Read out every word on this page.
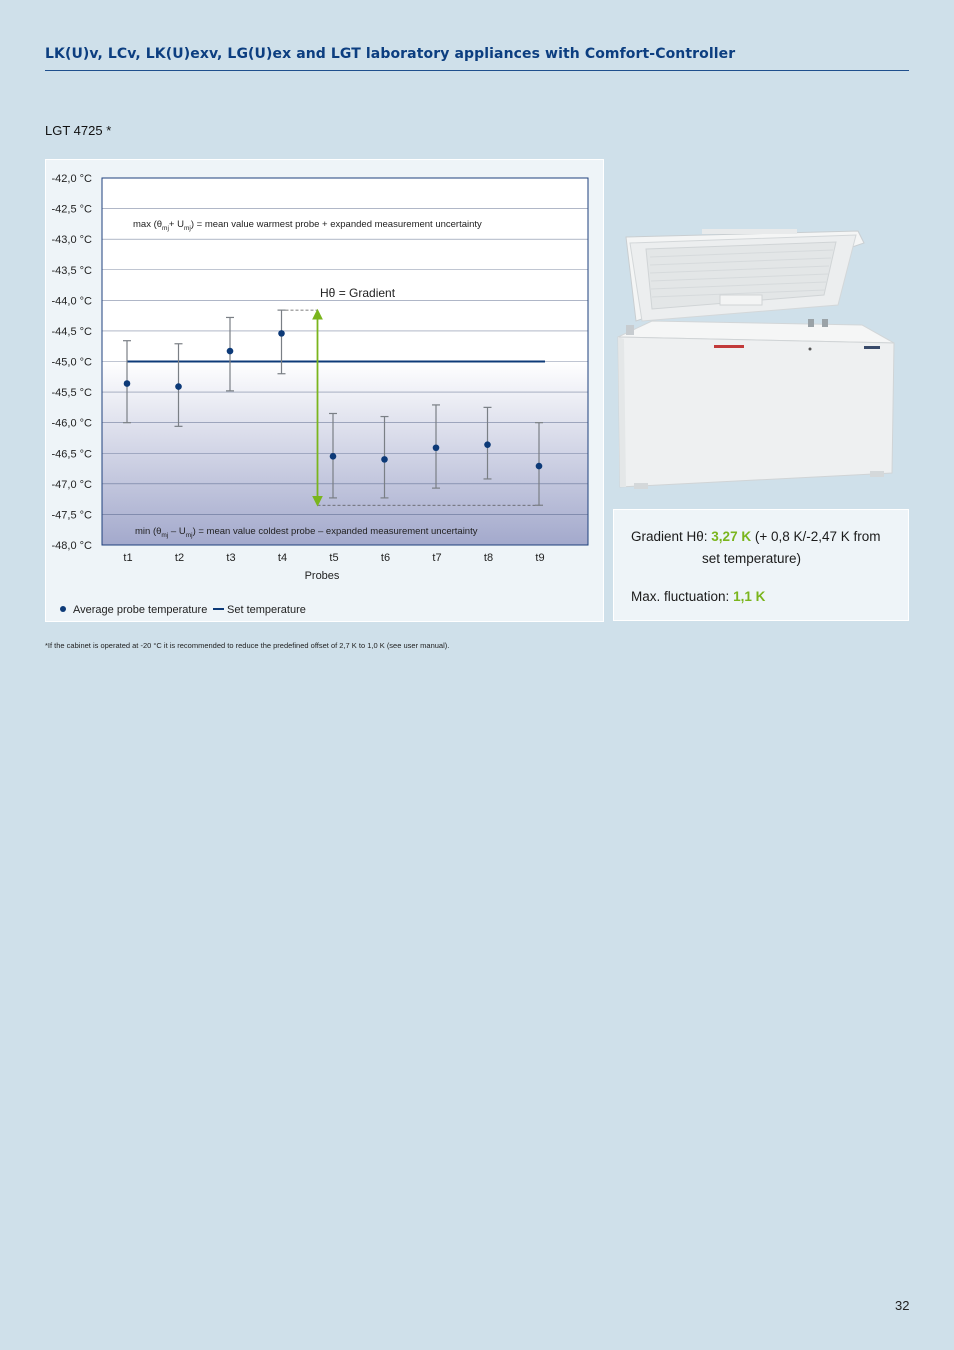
LK(U)v, LCv, LK(U)exv, LG(U)ex and LGT laboratory appliances with Comfort-Controller
LGT 4725 *
-42,0 °C
-42,5 °C
-43,0 °C
-43,5 °C
-44,0 °C
-44,5 °C
-45,0 °C
-45,5 °C
-46,0 °C
-46,5 °C
-47,0 °C
-47,5 °C
-48,0 °C
t1	t2	t3	t4	t5	t6	t7	t8	t9
$\max (\theta_{mj}+ U_{mj})$ = mean value warmest probe + expanded measurement uncertainty
$\min (\theta_{mj} - U_{mj})$ = mean value coldest probe – expanded measurement uncertainty
Hθ = Gradient
Probes
Average probe temperature Set temperature
Gradient Hθ: 3,27 K (+ 0,8 K/-2,47 K from
set temperature)
Max. fluctuation: 1,1 K
*If the cabinet is operated at -20 °C it is recommended to reduce the predefined offset of 2,7 K to 1,0 K (see user manual).
32
